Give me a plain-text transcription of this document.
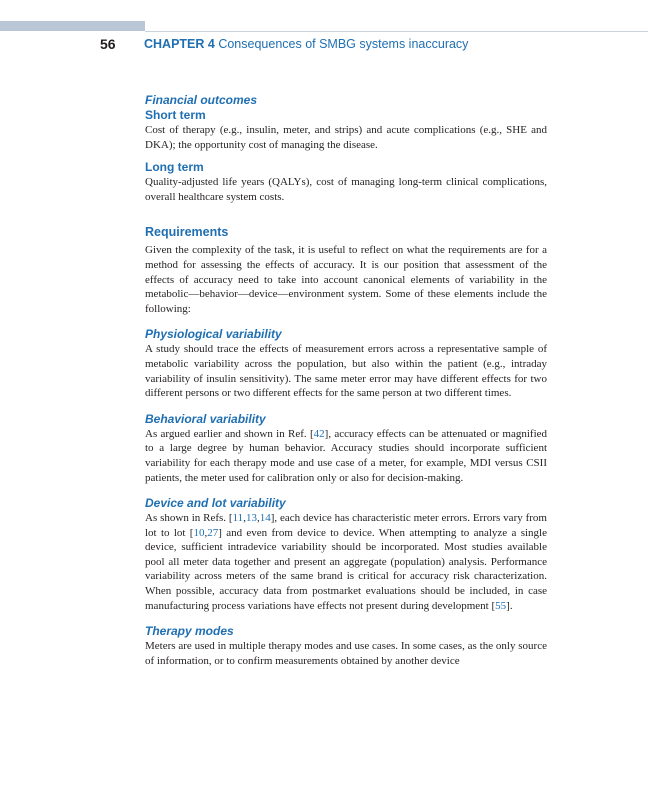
56 CHAPTER 4 Consequences of SMBG systems inaccuracy
Financial outcomes
Short term

Cost of therapy (e.g., insulin, meter, and strips) and acute complications (e.g., SHE and DKA); the opportunity cost of managing the disease.

Long term

Quality-adjusted life years (QALYs), cost of managing long-term clinical complications, overall healthcare system costs.

Requirements

Given the complexity of the task, it is useful to reflect on what the requirements are for a method for assessing the effects of accuracy. It is our position that assessment of the effects of accuracy need to take into account canonical elements of variability in the metabolic—behavior—device—environment system. Some of these elements include the following:

Physiological variability

A study should trace the effects of measurement errors across a representative sample of metabolic variability across the population, but also within the patient (e.g., intraday variability of insulin sensitivity). The same meter error may have different effects for two different persons or two different effects for the same person at two different times.

Behavioral variability

As argued earlier and shown in Ref. [42], accuracy effects can be attenuated or magnified to a large degree by human behavior. Accuracy studies should incorporate sufficient variability for each therapy mode and use case of a meter, for example, MDI versus CSII patients, the meter used for calibration only or also for decision-making.

Device and lot variability

As shown in Refs. [11,13,14], each device has characteristic meter errors. Errors vary from lot to lot [10,27] and even from device to device. When attempting to analyze a single device, sufficient intradevice variability should be incorporated. Most studies available pool all meter data together and present an aggregate (population) analysis. Performance variability across meters of the same brand is critical for accuracy risk characterization. When possible, accuracy data from postmarket evaluations should be included, in case manufacturing process variations have effects not present during development [55].

Therapy modes

Meters are used in multiple therapy modes and use cases. In some cases, as the only source of information, or to confirm measurements obtained by another device
